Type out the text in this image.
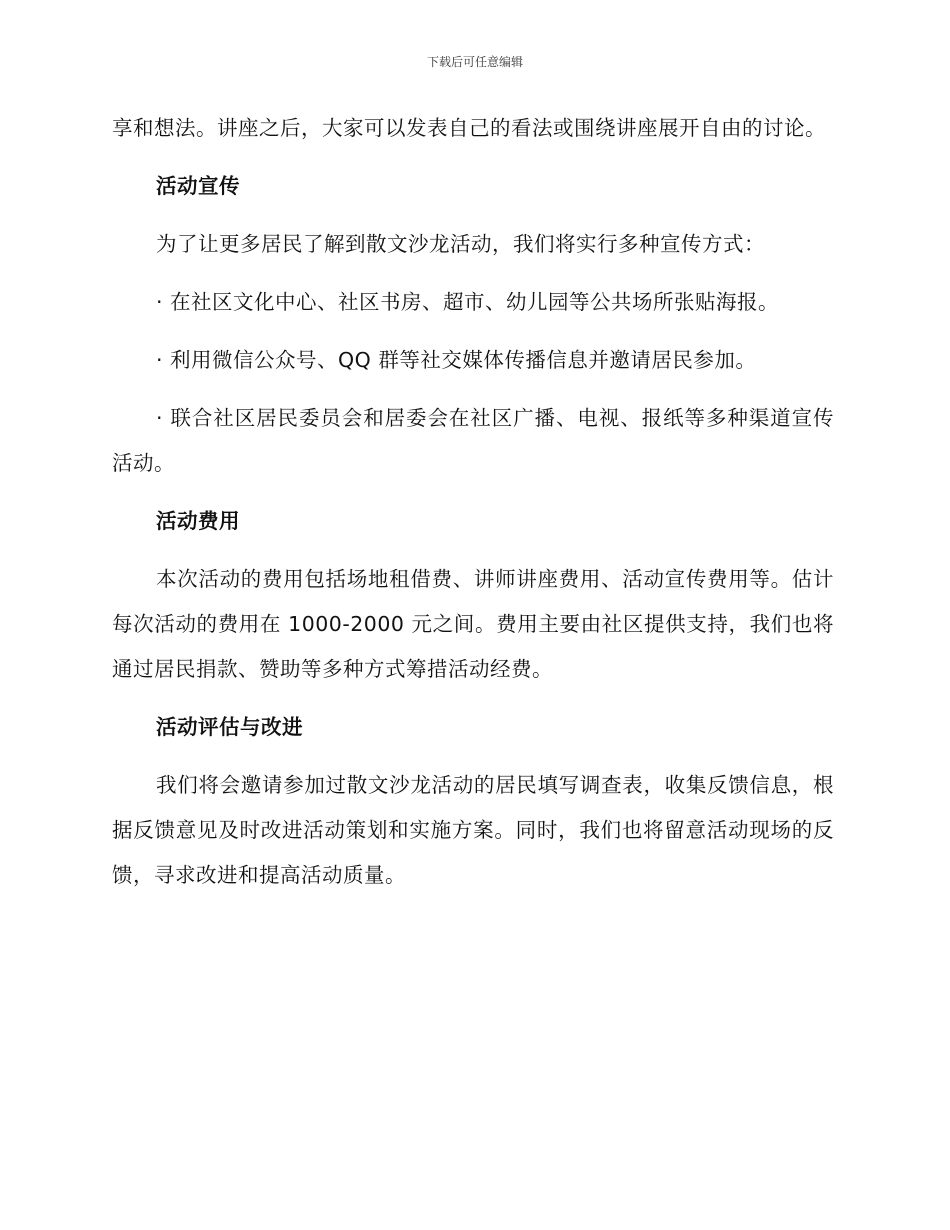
下载后可任意编辑

享和想法。讲座之后，大家可以发表自己的看法或围绕讲座展开自由的讨论。

活动宣传

为了让更多居民了解到散文沙龙活动，我们将实行多种宣传方式：

· 在社区文化中心、社区书房、超市、幼儿园等公共场所张贴海报。

· 利用微信公众号、QQ 群等社交媒体传播信息并邀请居民参加。

· 联合社区居民委员会和居委会在社区广播、电视、报纸等多种渠道宣传活动。

活动费用

本次活动的费用包括场地租借费、讲师讲座费用、活动宣传费用等。估计每次活动的费用在 1000-2000 元之间。费用主要由社区提供支持，我们也将通过居民捐款、赞助等多种方式筹措活动经费。

活动评估与改进

我们将会邀请参加过散文沙龙活动的居民填写调查表，收集反馈信息，根据反馈意见及时改进活动策划和实施方案。同时，我们也将留意活动现场的反馈，寻求改进和提高活动质量。
